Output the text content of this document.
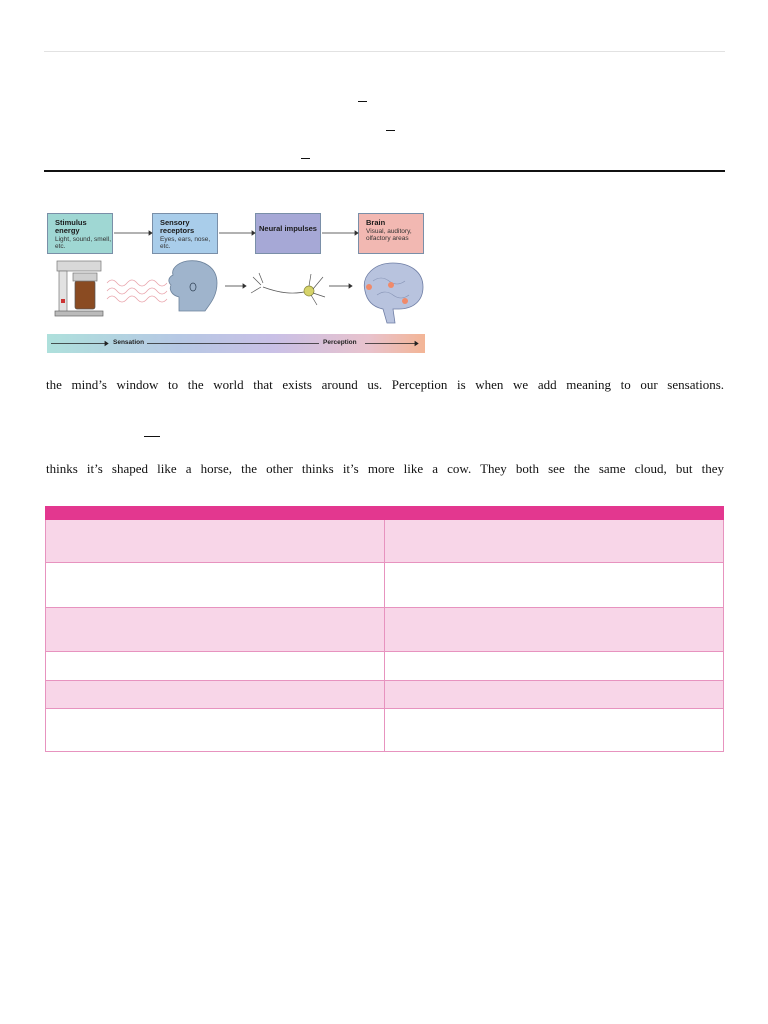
Stimulus energy
Light, sound, smell, etc.
Sensory receptors
Eyes, ears, nose, etc.
Neural impulses
Brain
Visual, auditory, olfactory areas
Sensation	Perception
the mind’s window to the world that exists around us. Perception is when we add meaning to our sensations.
thinks it’s shaped like a horse, the other thinks it’s more like a cow. They both see the same cloud, but they
